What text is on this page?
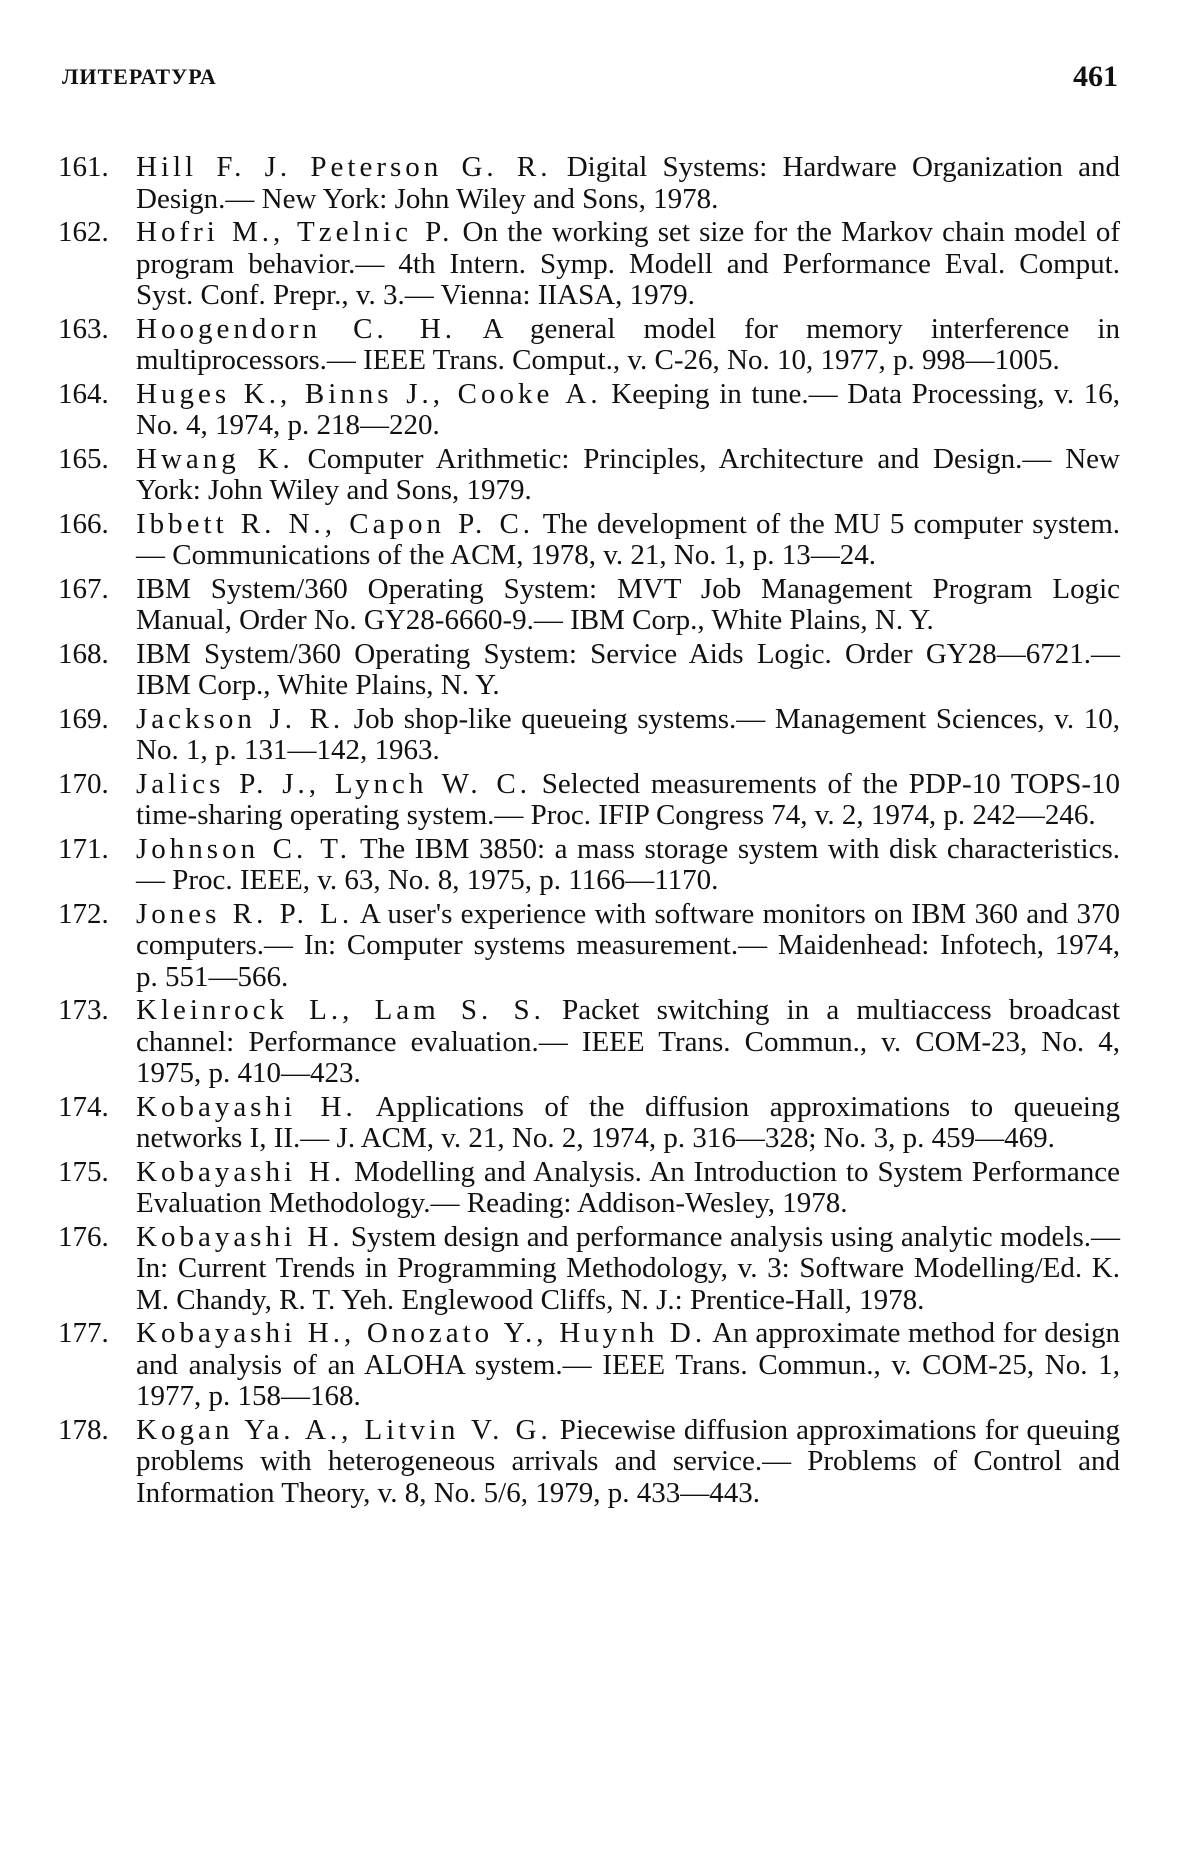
ЛИТЕРАТУРА	461
161. Hill F. J. Peterson G. R. Digital Systems: Hardware Organization and Design.— New York: John Wiley and Sons, 1978.
162. Hofri M., Tzelnic P. On the working set size for the Markov chain model of program behavior.— 4th Intern. Symp. Modell and Performance Eval. Comput. Syst. Conf. Prepr., v. 3.— Vienna: IIASA, 1979.
163. Hoogendorn C. H. A general model for memory interference in multiprocessors.— IEEE Trans. Comput., v. C-26, No. 10, 1977, p. 998—1005.
164. Huges K., Binns J., Cooke A. Keeping in tune.— Data Processing, v. 16, No. 4, 1974, p. 218—220.
165. Hwang K. Computer Arithmetic: Principles, Architecture and Design.— New York: John Wiley and Sons, 1979.
166. Ibbett R. N., Capon P. C. The development of the MU 5 computer system.— Communications of the ACM, 1978, v. 21, No. 1, p. 13—24.
167. IBM System/360 Operating System: MVT Job Management Program Logic Manual, Order No. GY28-6660-9.— IBM Corp., White Plains, N. Y.
168. IBM System/360 Operating System: Service Aids Logic. Order GY28—6721.— IBM Corp., White Plains, N. Y.
169. Jackson J. R. Job shop-like queueing systems.— Management Sciences, v. 10, No. 1, p. 131—142, 1963.
170. Jalics P. J., Lynch W. C. Selected measurements of the PDP-10 TOPS-10 time-sharing operating system.— Proc. IFIP Congress 74, v. 2, 1974, p. 242—246.
171. Johnson C. T. The IBM 3850: a mass storage system with disk characteristics.— Proc. IEEE, v. 63, No. 8, 1975, p. 1166—1170.
172. Jones R. P. L. A user's experience with software monitors on IBM 360 and 370 computers.— In: Computer systems measurement.— Maidenhead: Infotech, 1974, p. 551—566.
173. Kleinrock L., Lam S. S. Packet switching in a multiaccess broadcast channel: Performance evaluation.— IEEE Trans. Commun., v. COM-23, No. 4, 1975, p. 410—423.
174. Kobayashi H. Applications of the diffusion approximations to queueing networks I, II.— J. ACM, v. 21, No. 2, 1974, p. 316—328; No. 3, p. 459—469.
175. Kobayashi H. Modelling and Analysis. An Introduction to System Performance Evaluation Methodology.— Reading: Addison-Wesley, 1978.
176. Kobayashi H. System design and performance analysis using analytic models.— In: Current Trends in Programming Methodology, v. 3: Software Modelling/Ed. K. M. Chandy, R. T. Yeh. Englewood Cliffs, N. J.: Prentice-Hall, 1978.
177. Kobayashi H., Onozato Y., Huynh D. An approximate method for design and analysis of an ALOHA system.— IEEE Trans. Commun., v. COM-25, No. 1, 1977, p. 158—168.
178. Kogan Ya. A., Litvin V. G. Piecewise diffusion approximations for queuing problems with heterogeneous arrivals and service.— Problems of Control and Information Theory, v. 8, No. 5/6, 1979, p. 433—443.
